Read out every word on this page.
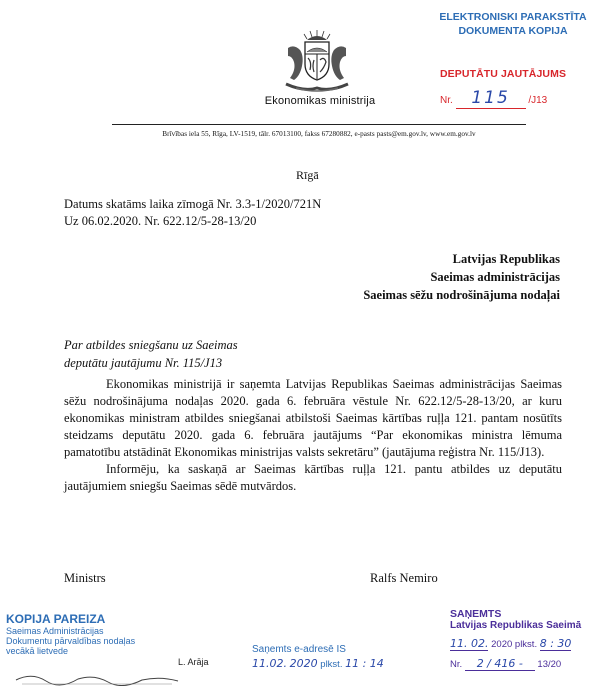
Ekonomikas ministrija
Brīvības iela 55, Rīga, LV-1519, tālr. 67013100, fakss 67280882, e-pasts pasts@em.gov.lv, www.em.gov.lv
ELEKTRONISKI PARAKSTĪTA
DOKUMENTA KOPIJA
DEPUTĀTU JAUTĀJUMS
Nr. 115 /J13
Rīgā
Datums skatāms laika zīmogā Nr. 3.3-1/2020/721N
Uz 06.02.2020. Nr. 622.12/5-28-13/20
Latvijas Republikas
Saeimas administrācijas
Saeimas sēžu nodrošinājuma nodaļai
Par atbildes sniegšanu uz Saeimas
deputātu jautājumu Nr. 115/J13

Ekonomikas ministrijā ir saņemta Latvijas Republikas Saeimas administrācijas Saeimas sēžu nodrošinājuma nodaļas 2020. gada 6. februāra vēstule Nr. 622.12/5-28-13/20, ar kuru ekonomikas ministram atbildes sniegšanai atbilstoši Saeimas kārtības ruļļa 121. pantam nosūtīts steidzams deputātu 2020. gada 6. februāra jautājums “Par ekonomikas ministra lēmuma pamatotību atstādināt Ekonomikas ministrijas valsts sekretāru” (jautājuma reģistra Nr. 115/J13).

Informēju, ka saskaņā ar Saeimas kārtības ruļļa 121. pantu atbildes uz deputātu jautājumiem sniegšu Saeimas sēdē mutvārdos.

Ministrs	Ralfs Nemiro
KOPIJA PAREIZA
Saeimas Administrācijas
Dokumentu pārvaldības nodaļas
vecākā lietvede
L. Arāja
Saņemts e-adresē IS
11.02. 2020 plkst. 11 : 14
SAŅEMTS
Latvijas Republikas Saeimā
11. 02. 2020 plkst. 8 : 30
Nr. 2 / 416 - 13/20
